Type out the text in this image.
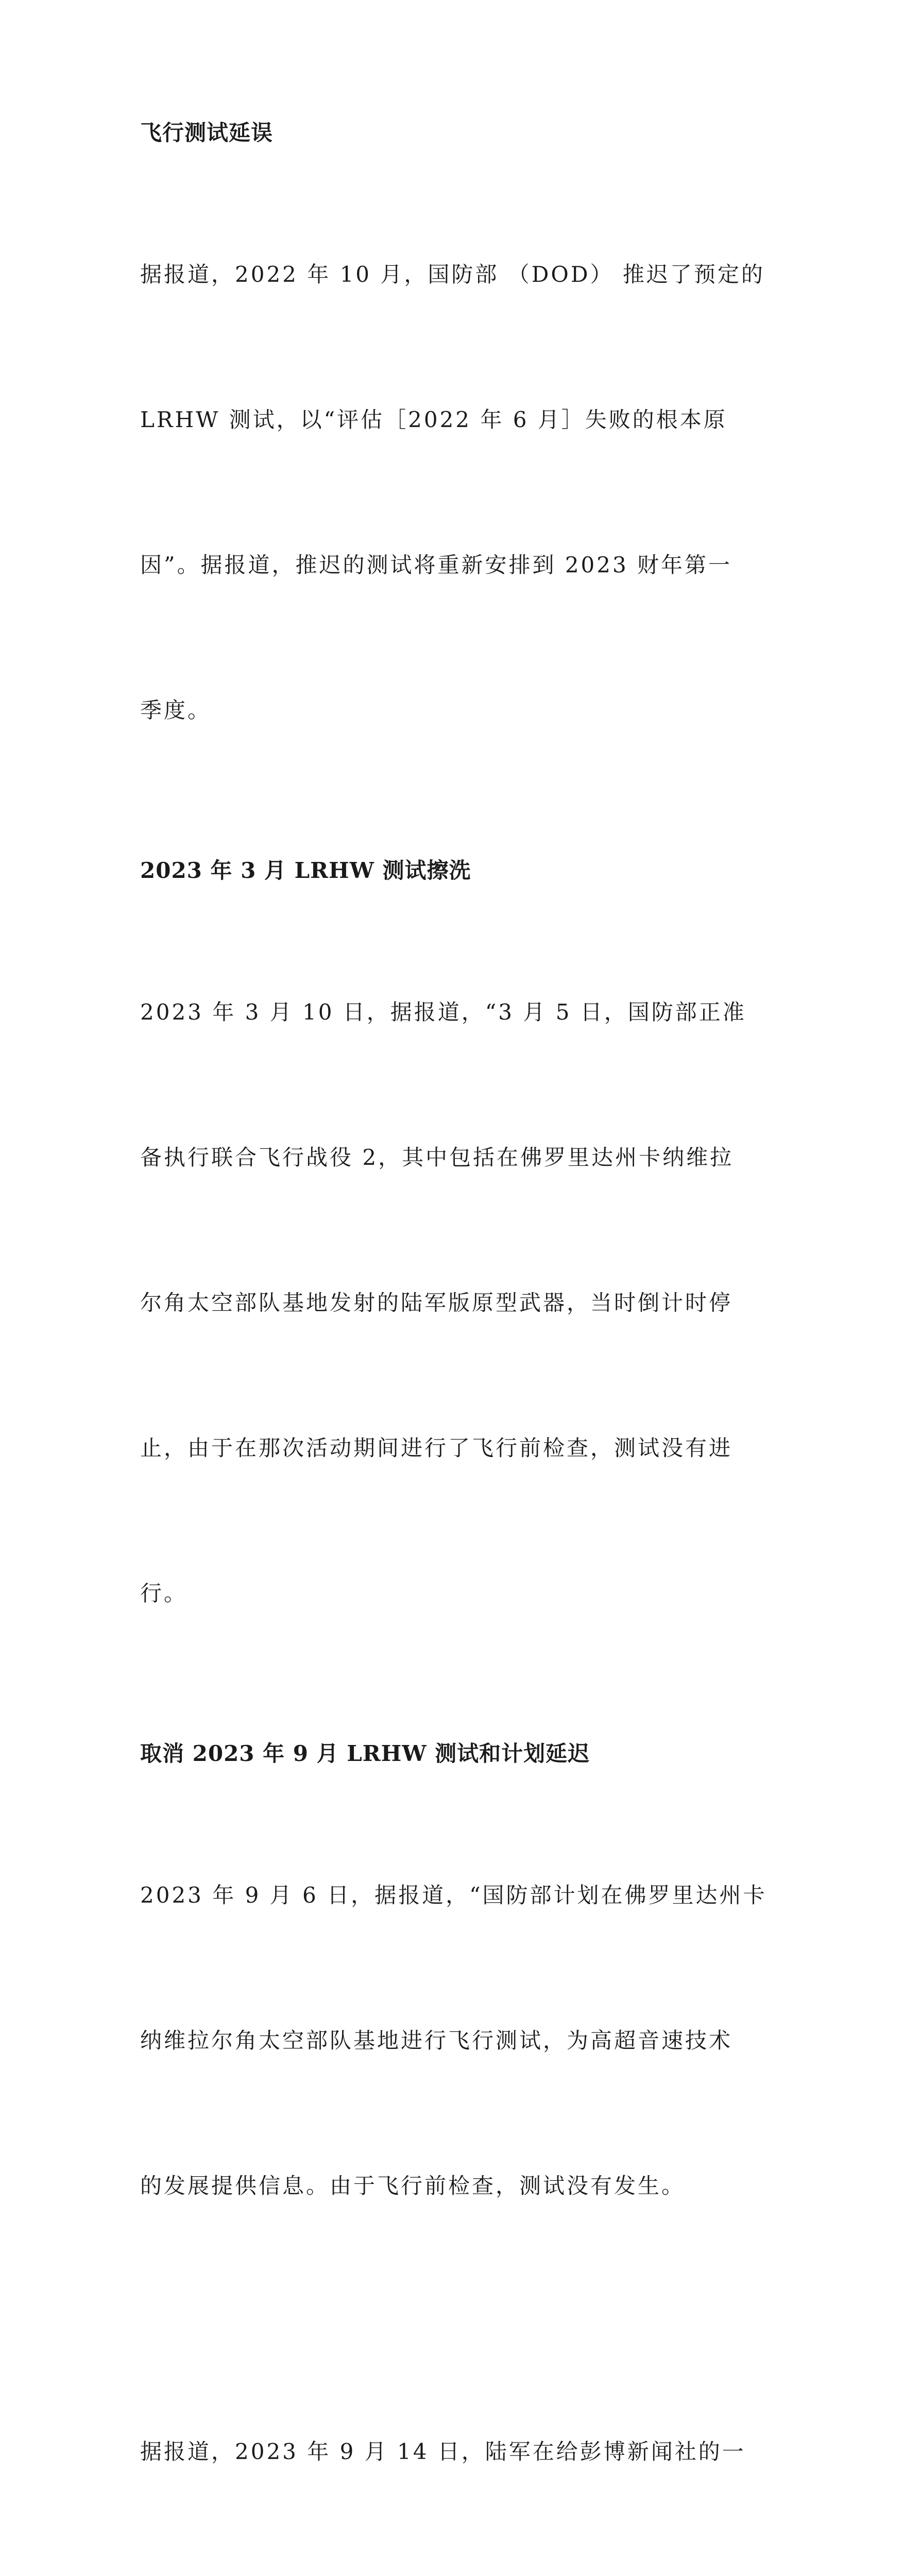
飞行测试延误

据报道，2022 年 10 月，国防部 （DOD） 推迟了预定的

LRHW 测试，以“评估［2022 年 6 月］失败的根本原

因”。据报道，推迟的测试将重新安排到 2023 财年第一

季度。

2023 年 3 月 LRHW 测试擦洗

2023 年 3 月 10 日，据报道，“3 月 5 日，国防部正准

备执行联合飞行战役 2，其中包括在佛罗里达州卡纳维拉

尔角太空部队基地发射的陆军版原型武器，当时倒计时停

止，由于在那次活动期间进行了飞行前检查，测试没有进

行。

取消 2023 年 9 月 LRHW 测试和计划延迟

2023 年 9 月 6 日，据报道，“国防部计划在佛罗里达州卡

纳维拉尔角太空部队基地进行飞行测试，为高超音速技术

的发展提供信息。由于飞行前检查，测试没有发生。

据报道，2023 年 9 月 14 日，陆军在给彭博新闻社的一
